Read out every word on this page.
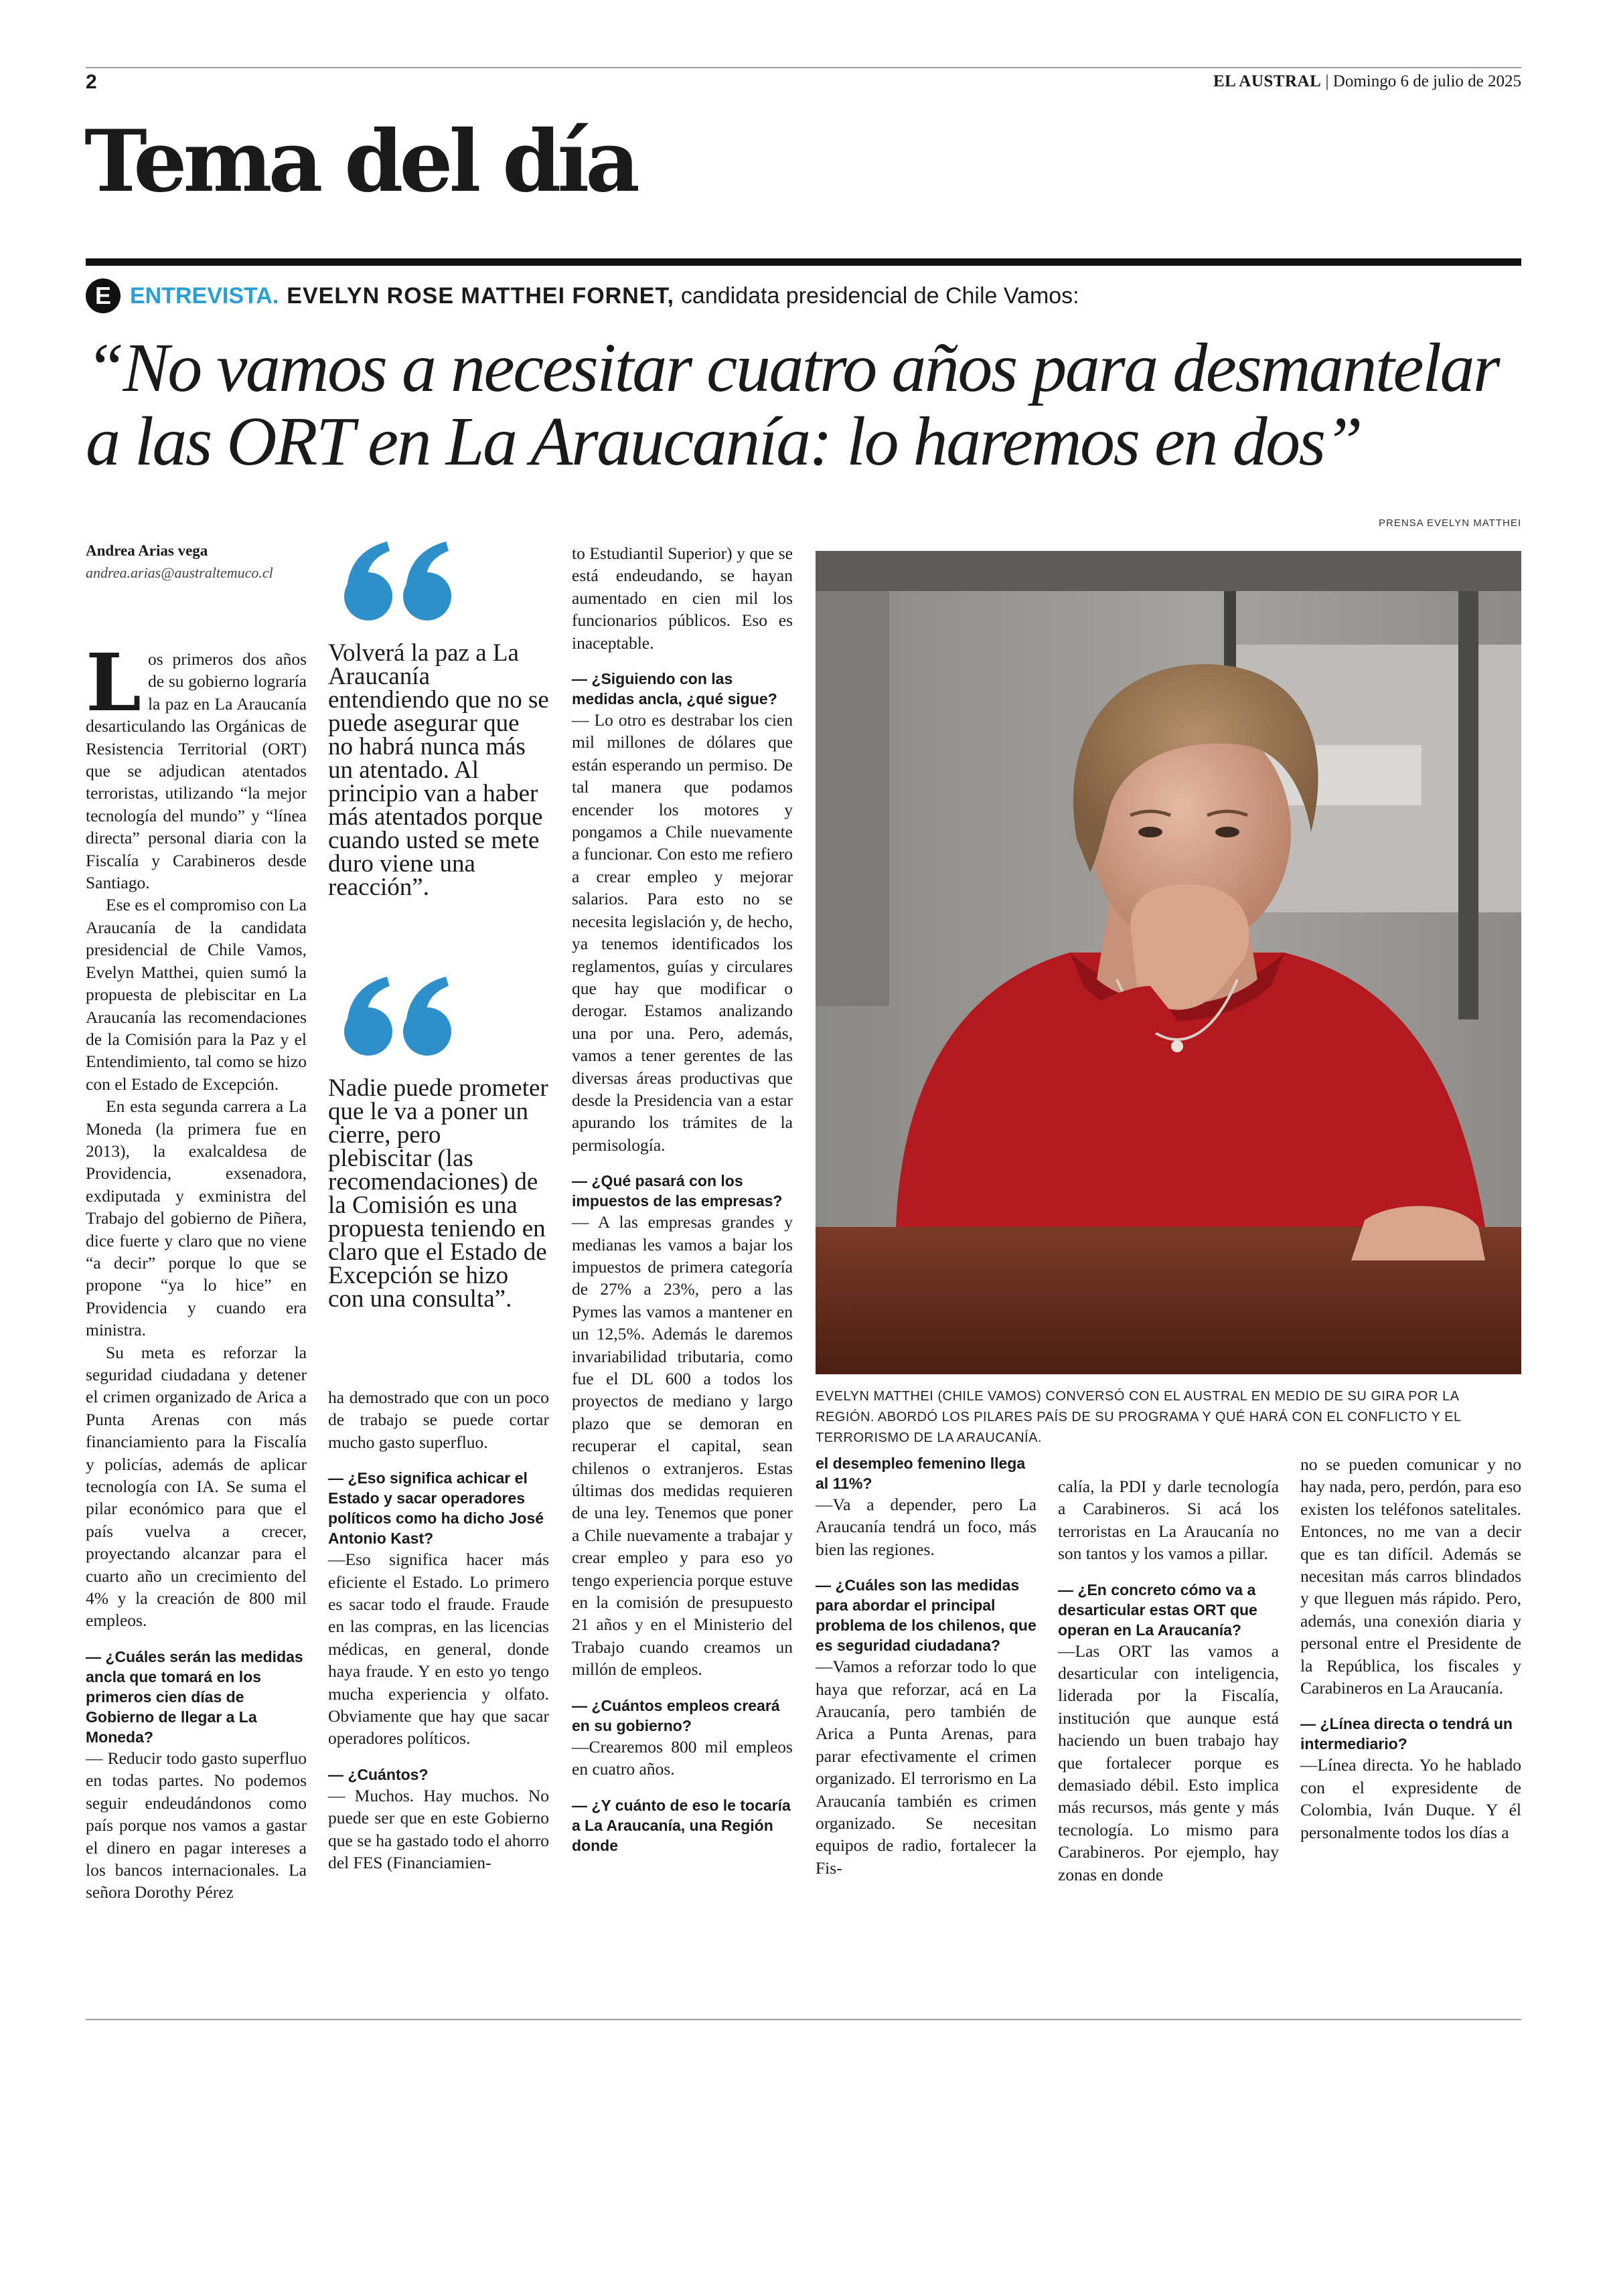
2	EL AUSTRAL | Domingo 6 de julio de 2025
Tema del día
E ENTREVISTA. EVELYN ROSE MATTHEI FORNET, candidata presidencial de Chile Vamos:
“No vamos a necesitar cuatro años para desmantelar a las ORT en La Araucanía: lo haremos en dos”
Andrea Arias vega
andrea.arias@australtemuco.cl

Los primeros dos años de su gobierno lograría la paz en La Araucanía desarticulando las Orgánicas de Resistencia Territorial (ORT) que se adjudican atentados terroristas, utilizando “la mejor tecnología del mundo” y “línea directa” personal diaria con la Fiscalía y Carabineros desde Santiago.

Ese es el compromiso con La Araucanía de la candidata presidencial de Chile Vamos, Evelyn Matthei, quien sumó la propuesta de plebiscitar en La Araucanía las recomendaciones de la Comisión para la Paz y el Entendimiento, tal como se hizo con el Estado de Excepción.

En esta segunda carrera a La Moneda (la primera fue en 2013), la exalcaldesa de Providencia, exsenadora, exdiputada y exministra del Trabajo del gobierno de Piñera, dice fuerte y claro que no viene “a decir” porque lo que se propone “ya lo hice” en Providencia y cuando era ministra.

Su meta es reforzar la seguridad ciudadana y detener el crimen organizado de Arica a Punta Arenas con más financiamiento para la Fiscalía y policías, además de aplicar tecnología con IA. Se suma el pilar económico para que el país vuelva a crecer, proyectando alcanzar para el cuarto año un crecimiento del 4% y la creación de 800 mil empleos.

— ¿Cuáles serán las medidas ancla que tomará en los primeros cien días de Gobierno de llegar a La Moneda?

— Reducir todo gasto superfluo en todas partes. No podemos seguir endeudándonos como país porque nos vamos a gastar el dinero en pagar intereses a los bancos internacionales. La señora Dorothy Pérez

Volverá la paz a La Araucanía entendiendo que no se puede asegurar que no habrá nunca más un atentado. Al principio van a haber más atentados porque cuando usted se mete duro viene una reacción”.
Nadie puede prometer que le va a poner un cierre, pero plebiscitar (las recomendaciones) de la Comisión es una propuesta teniendo en claro que el Estado de Excepción se hizo con una consulta”.

ha demostrado que con un poco de trabajo se puede cortar mucho gasto superfluo.

— ¿Eso significa achicar el Estado y sacar operadores políticos como ha dicho José Antonio Kast?

—Eso significa hacer más eficiente el Estado. Lo primero es sacar todo el fraude. Fraude en las compras, en las licencias médicas, en general, donde haya fraude. Y en esto yo tengo mucha experiencia y olfato. Obviamente que hay que sacar operadores políticos.

— ¿Cuántos?

— Muchos. Hay muchos. No puede ser que en este Gobierno que se ha gastado todo el ahorro del FES (Financiamien-

to Estudiantil Superior) y que se está endeudando, se hayan aumentado en cien mil los funcionarios públicos. Eso es inaceptable.

— ¿Siguiendo con las medidas ancla, ¿qué sigue?

— Lo otro es destrabar los cien mil millones de dólares que están esperando un permiso. De tal manera que podamos encender los motores y pongamos a Chile nuevamente a funcionar. Con esto me refiero a crear empleo y mejorar salarios. Para esto no se necesita legislación y, de hecho, ya tenemos identificados los reglamentos, guías y circulares que hay que modificar o derogar. Estamos analizando una por una. Pero, además, vamos a tener gerentes de las diversas áreas productivas que desde la Presidencia van a estar apurando los trámites de la permisología.

— ¿Qué pasará con los impuestos de las empresas?

— A las empresas grandes y medianas les vamos a bajar los impuestos de primera categoría de 27% a 23%, pero a las Pymes las vamos a mantener en un 12,5%. Además le daremos invariabilidad tributaria, como fue el DL 600 a todos los proyectos de mediano y largo plazo que se demoran en recuperar el capital, sean chilenos o extranjeros. Estas últimas dos medidas requieren de una ley. Tenemos que poner a Chile nuevamente a trabajar y crear empleo y para eso yo tengo experiencia porque estuve en la comisión de presupuesto 21 años y en el Ministerio del Trabajo cuando creamos un millón de empleos.

— ¿Cuántos empleos creará en su gobierno?

—Crearemos 800 mil empleos en cuatro años.

— ¿Y cuánto de eso le tocaría a La Araucanía, una Región donde

PRENSA EVELYN MATTHEI
EVELYN MATTHEI (CHILE VAMOS) CONVERSÓ CON EL AUSTRAL EN MEDIO DE SU GIRA POR LA REGIÓN. ABORDÓ LOS PILARES PAÍS DE SU PROGRAMA Y QUÉ HARÁ CON EL CONFLICTO Y EL TERRORISMO DE LA ARAUCANÍA.

el desempleo femenino llega al 11%?

—Va a depender, pero La Araucanía tendrá un foco, más bien las regiones.

— ¿Cuáles son las medidas para abordar el principal problema de los chilenos, que es seguridad ciudadana?

—Vamos a reforzar todo lo que haya que reforzar, acá en La Araucanía, pero también de Arica a Punta Arenas, para parar efectivamente el crimen organizado. El terrorismo en La Araucanía también es crimen organizado. Se necesitan equipos de radio, fortalecer la Fis-

calía, la PDI y darle tecnología a Carabineros. Si acá los terroristas en La Araucanía no son tantos y los vamos a pillar.

— ¿En concreto cómo va a desarticular estas ORT que operan en La Araucanía?

—Las ORT las vamos a desarticular con inteligencia, liderada por la Fiscalía, institución que aunque está haciendo un buen trabajo hay que fortalecer porque es demasiado débil. Esto implica más recursos, más gente y más tecnología. Lo mismo para Carabineros. Por ejemplo, hay zonas en donde

no se pueden comunicar y no hay nada, pero, perdón, para eso existen los teléfonos satelitales. Entonces, no me van a decir que es tan difícil. Además se necesitan más carros blindados y que lleguen más rápido. Pero, además, una conexión diaria y personal entre el Presidente de la República, los fiscales y Carabineros en La Araucanía.

— ¿Línea directa o tendrá un intermediario?

—Línea directa. Yo he hablado con el expresidente de Colombia, Iván Duque. Y él personalmente todos los días a
